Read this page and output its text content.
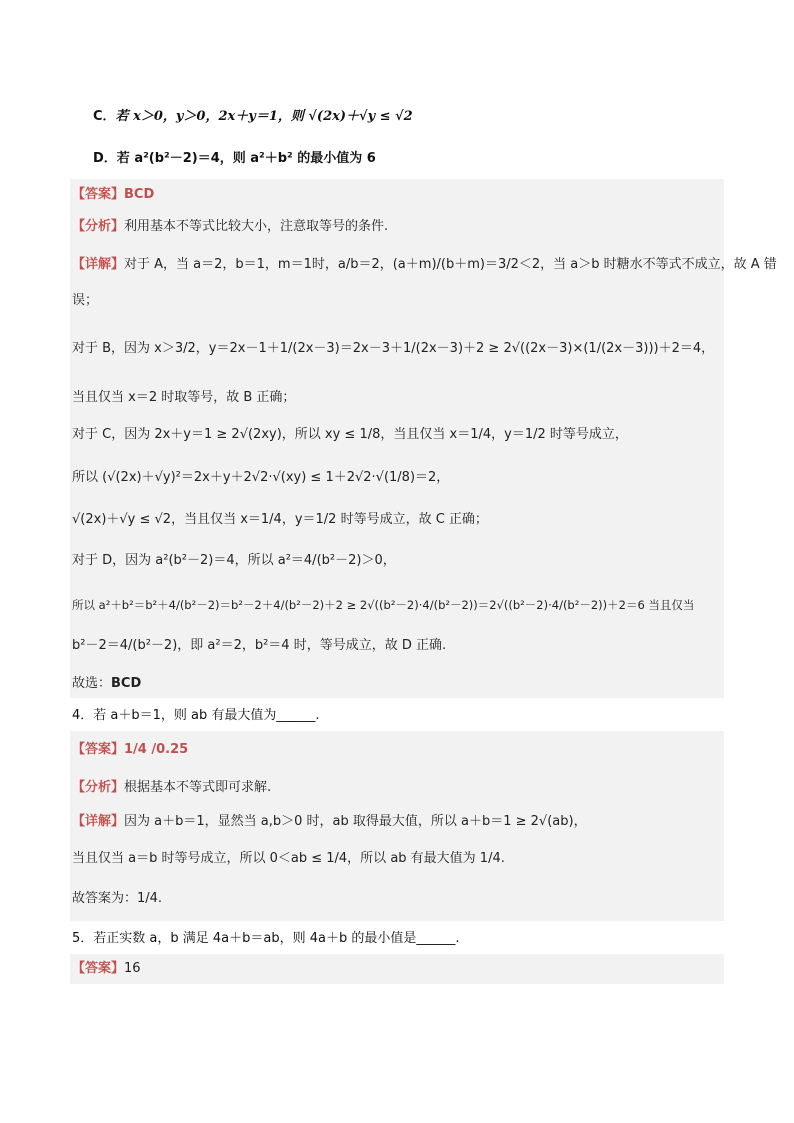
C．若 x＞0，y＞0，2x＋y＝1，则 √(2x)＋√y ≤ √2
D．若 a²(b²－2)＝4，则 a²＋b² 的最小值为 6
【答案】BCD
【分析】利用基本不等式比较大小，注意取等号的条件.
【详解】对于 A，当 a＝2，b＝1，m＝1时，a/b＝2，(a＋m)/(b＋m)＝3/2＜2，当 a＞b 时糖水不等式不成立，故 A 错
误；
对于 B，因为 x＞3/2，y＝2x－1＋1/(2x－3)＝2x－3＋1/(2x－3)＋2 ≥ 2√((2x－3)×(1/(2x－3)))＋2＝4，
当且仅当 x＝2 时取等号，故 B 正确；
对于 C，因为 2x＋y＝1 ≥ 2√(2xy)，所以 xy ≤ 1/8，当且仅当 x＝1/4，y＝1/2 时等号成立，
所以 (√(2x)＋√y)²＝2x＋y＋2√2·√(xy) ≤ 1＋2√2·√(1/8)＝2，
√(2x)＋√y ≤ √2，当且仅当 x＝1/4，y＝1/2 时等号成立，故 C 正确；
对于 D，因为 a²(b²－2)＝4，所以 a²＝4/(b²－2)＞0，
所以 a²＋b²＝b²＋4/(b²－2)＝b²－2＋4/(b²－2)＋2 ≥ 2√((b²－2)·4/(b²－2))＝2√((b²－2)·4/(b²－2))＋2＝6 当且仅当
b²－2＝4/(b²－2)，即 a²＝2，b²＝4 时，等号成立，故 D 正确.
故选：BCD
4．若 a＋b＝1，则 ab 有最大值为______.
【答案】1/4 /0.25
【分析】根据基本不等式即可求解.
【详解】因为 a＋b＝1，显然当 a,b＞0 时，ab 取得最大值，所以 a＋b＝1 ≥ 2√(ab)，
当且仅当 a＝b 时等号成立，所以 0＜ab ≤ 1/4，所以 ab 有最大值为 1/4.
故答案为：1/4.
5．若正实数 a，b 满足 4a＋b＝ab，则 4a＋b 的最小值是______.
【答案】16
